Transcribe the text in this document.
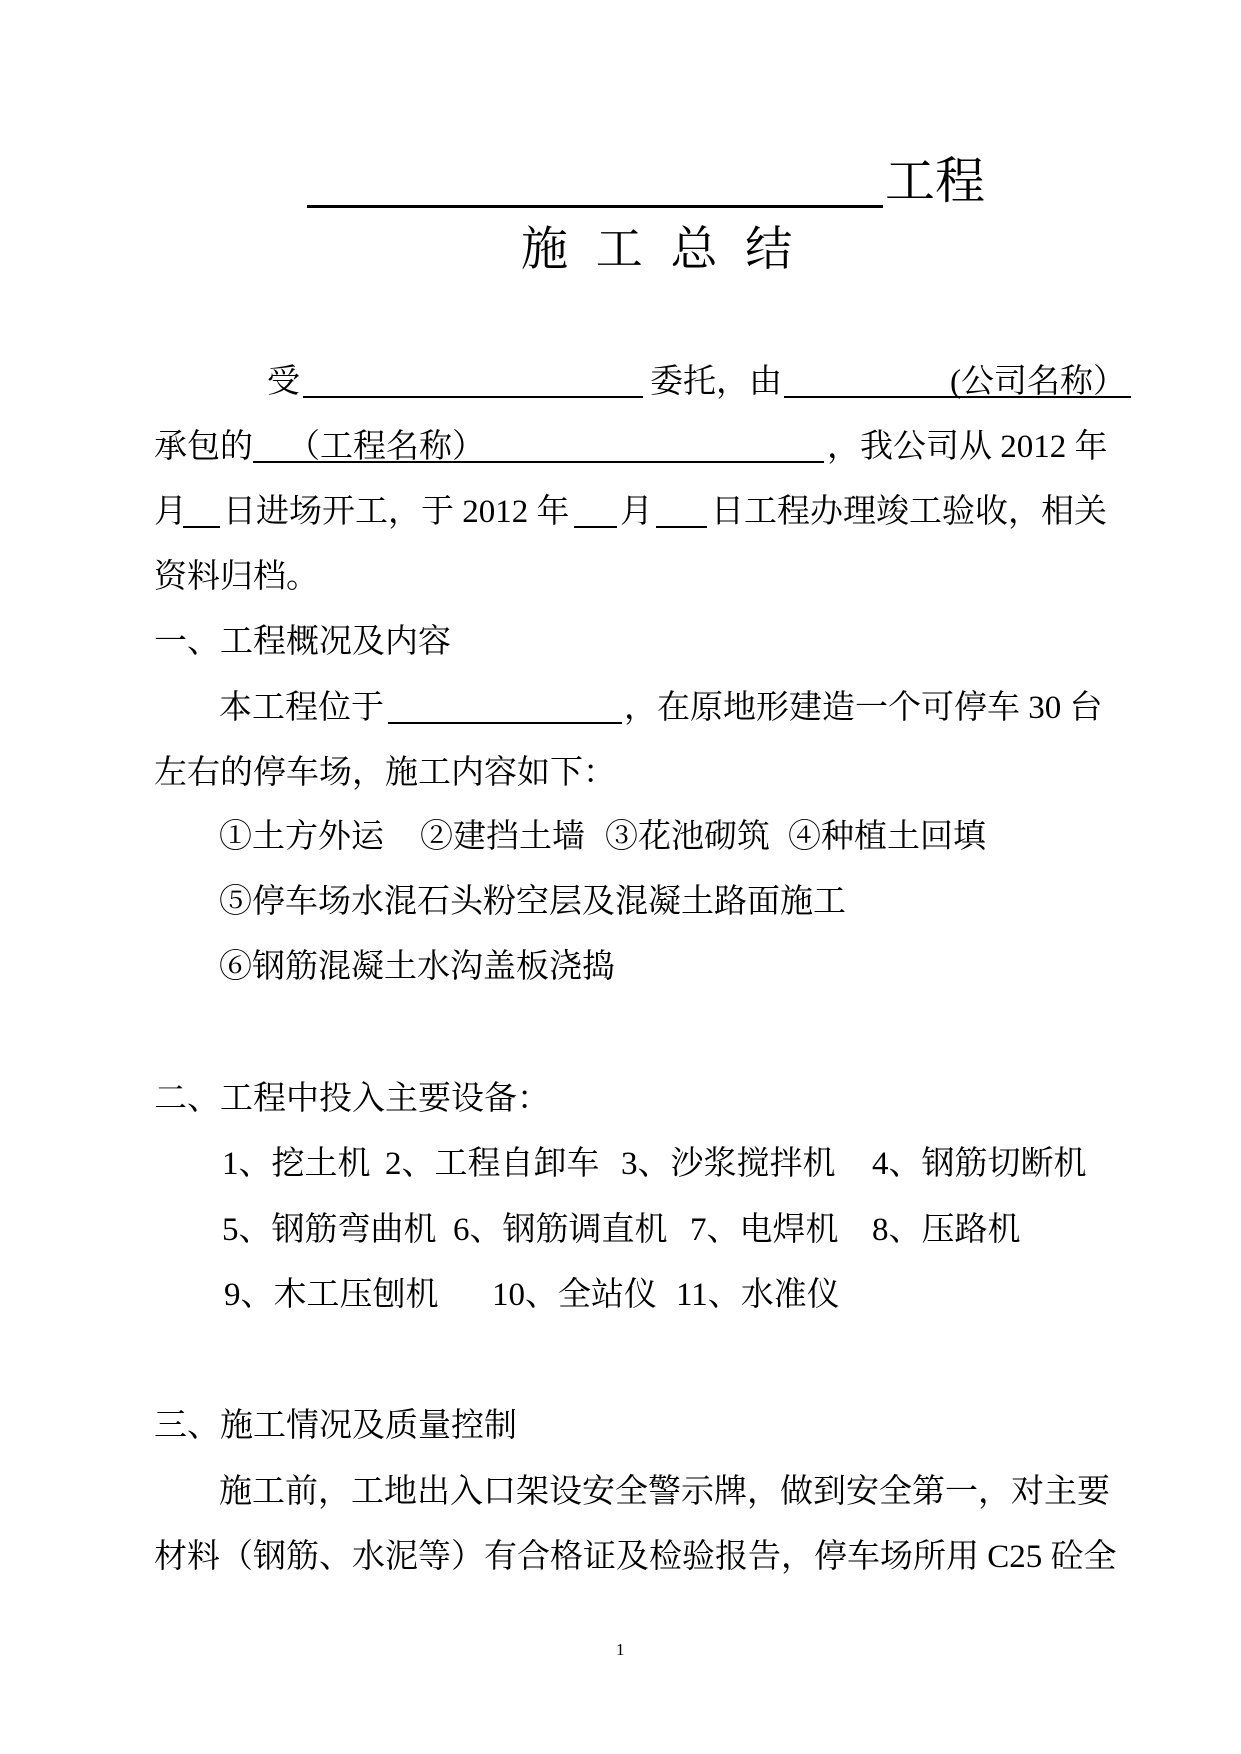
工程
施 工 总 结
受	委托，由	(公司名称）
承包的 （工程名称）	，我公司从 2012 年
月 日进场开工，于 2012 年 月 日工程办理竣工验收，相关
资料归档。
一、工程概况及内容
本工程位于	，在原地形建造一个可停车 30 台
左右的停车场，施工内容如下：
①土方外运 ②建挡土墙 ③花池砌筑 ④种植土回填
⑤停车场水混石头粉空层及混凝土路面施工
⑥钢筋混凝土水沟盖板浇捣
二、工程中投入主要设备：
1、挖土机 2、工程自卸车 3、沙浆搅拌机 4、钢筋切断机
5、钢筋弯曲机 6、钢筋调直机 7、电焊机 8、压路机
9、木工压刨机 10、全站仪 11、水准仪
三、施工情况及质量控制
施工前，工地出入口架设安全警示牌，做到安全第一，对主要
材料（钢筋、水泥等）有合格证及检验报告，停车场所用 C25 砼全
1
